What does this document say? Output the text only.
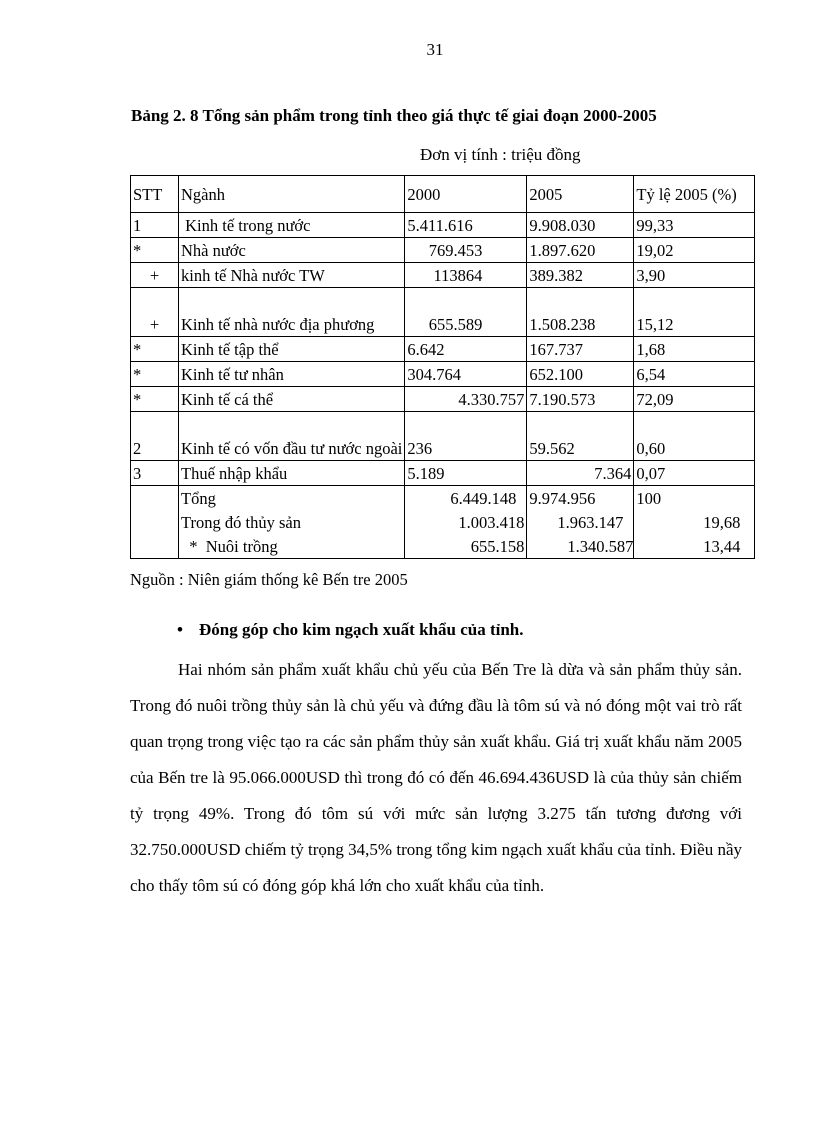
31
Bảng 2. 8 Tổng sản phẩm trong tỉnh theo giá thực tế giai đoạn 2000-2005
Đơn vị tính : triệu đồng
STT	Ngành	2000	2005	Tỷ lệ 2005 (%)
1	Kinh tế trong nước	5.411.616	9.908.030	99,33
*	Nhà nước	769.453	1.897.620	19,02
+	kinh tế Nhà nước TW	113864	389.382	3,90
+	Kinh tế nhà nước địa phương	655.589	1.508.238	15,12
*	Kinh tế tập thể	6.642	167.737	1,68
*	Kinh tế tư nhân	304.764	652.100	6,54
*	Kinh tế cá thể	4.330.757	7.190.573	72,09
2	Kinh tế có vốn đầu tư nước ngoài	236	59.562	0,60
3	Thuế nhập khẩu	5.189	7.364	0,07
	Tổng	6.449.148	9.974.956	100
	Trong đó thủy sản	1.003.418	1.963.147	19,68
	*  Nuôi trồng	655.158	1.340.587	13,44
Nguồn : Niên giám thống kê Bến tre 2005
• Đóng góp cho kim ngạch xuất khẩu của tỉnh.
Hai nhóm sản phẩm xuất khẩu chủ yếu của Bến Tre là dừa và sản phẩm thủy sản. Trong đó nuôi trồng thủy sản là chủ yếu và đứng đầu là tôm sú và nó đóng một vai trò rất quan trọng trong việc tạo ra các sản phẩm thủy sản xuất khẩu. Giá trị xuất khẩu năm 2005 của Bến tre là 95.066.000USD thì trong đó có đến 46.694.436USD là của thủy sản chiếm tỷ trọng 49%. Trong đó tôm sú với mức sản lượng 3.275 tấn tương đương với 32.750.000USD chiếm tỷ trọng 34,5% trong tổng kim ngạch xuất khẩu của tỉnh. Điều nầy cho thấy tôm sú có đóng góp khá lớn cho xuất khẩu của tỉnh.
